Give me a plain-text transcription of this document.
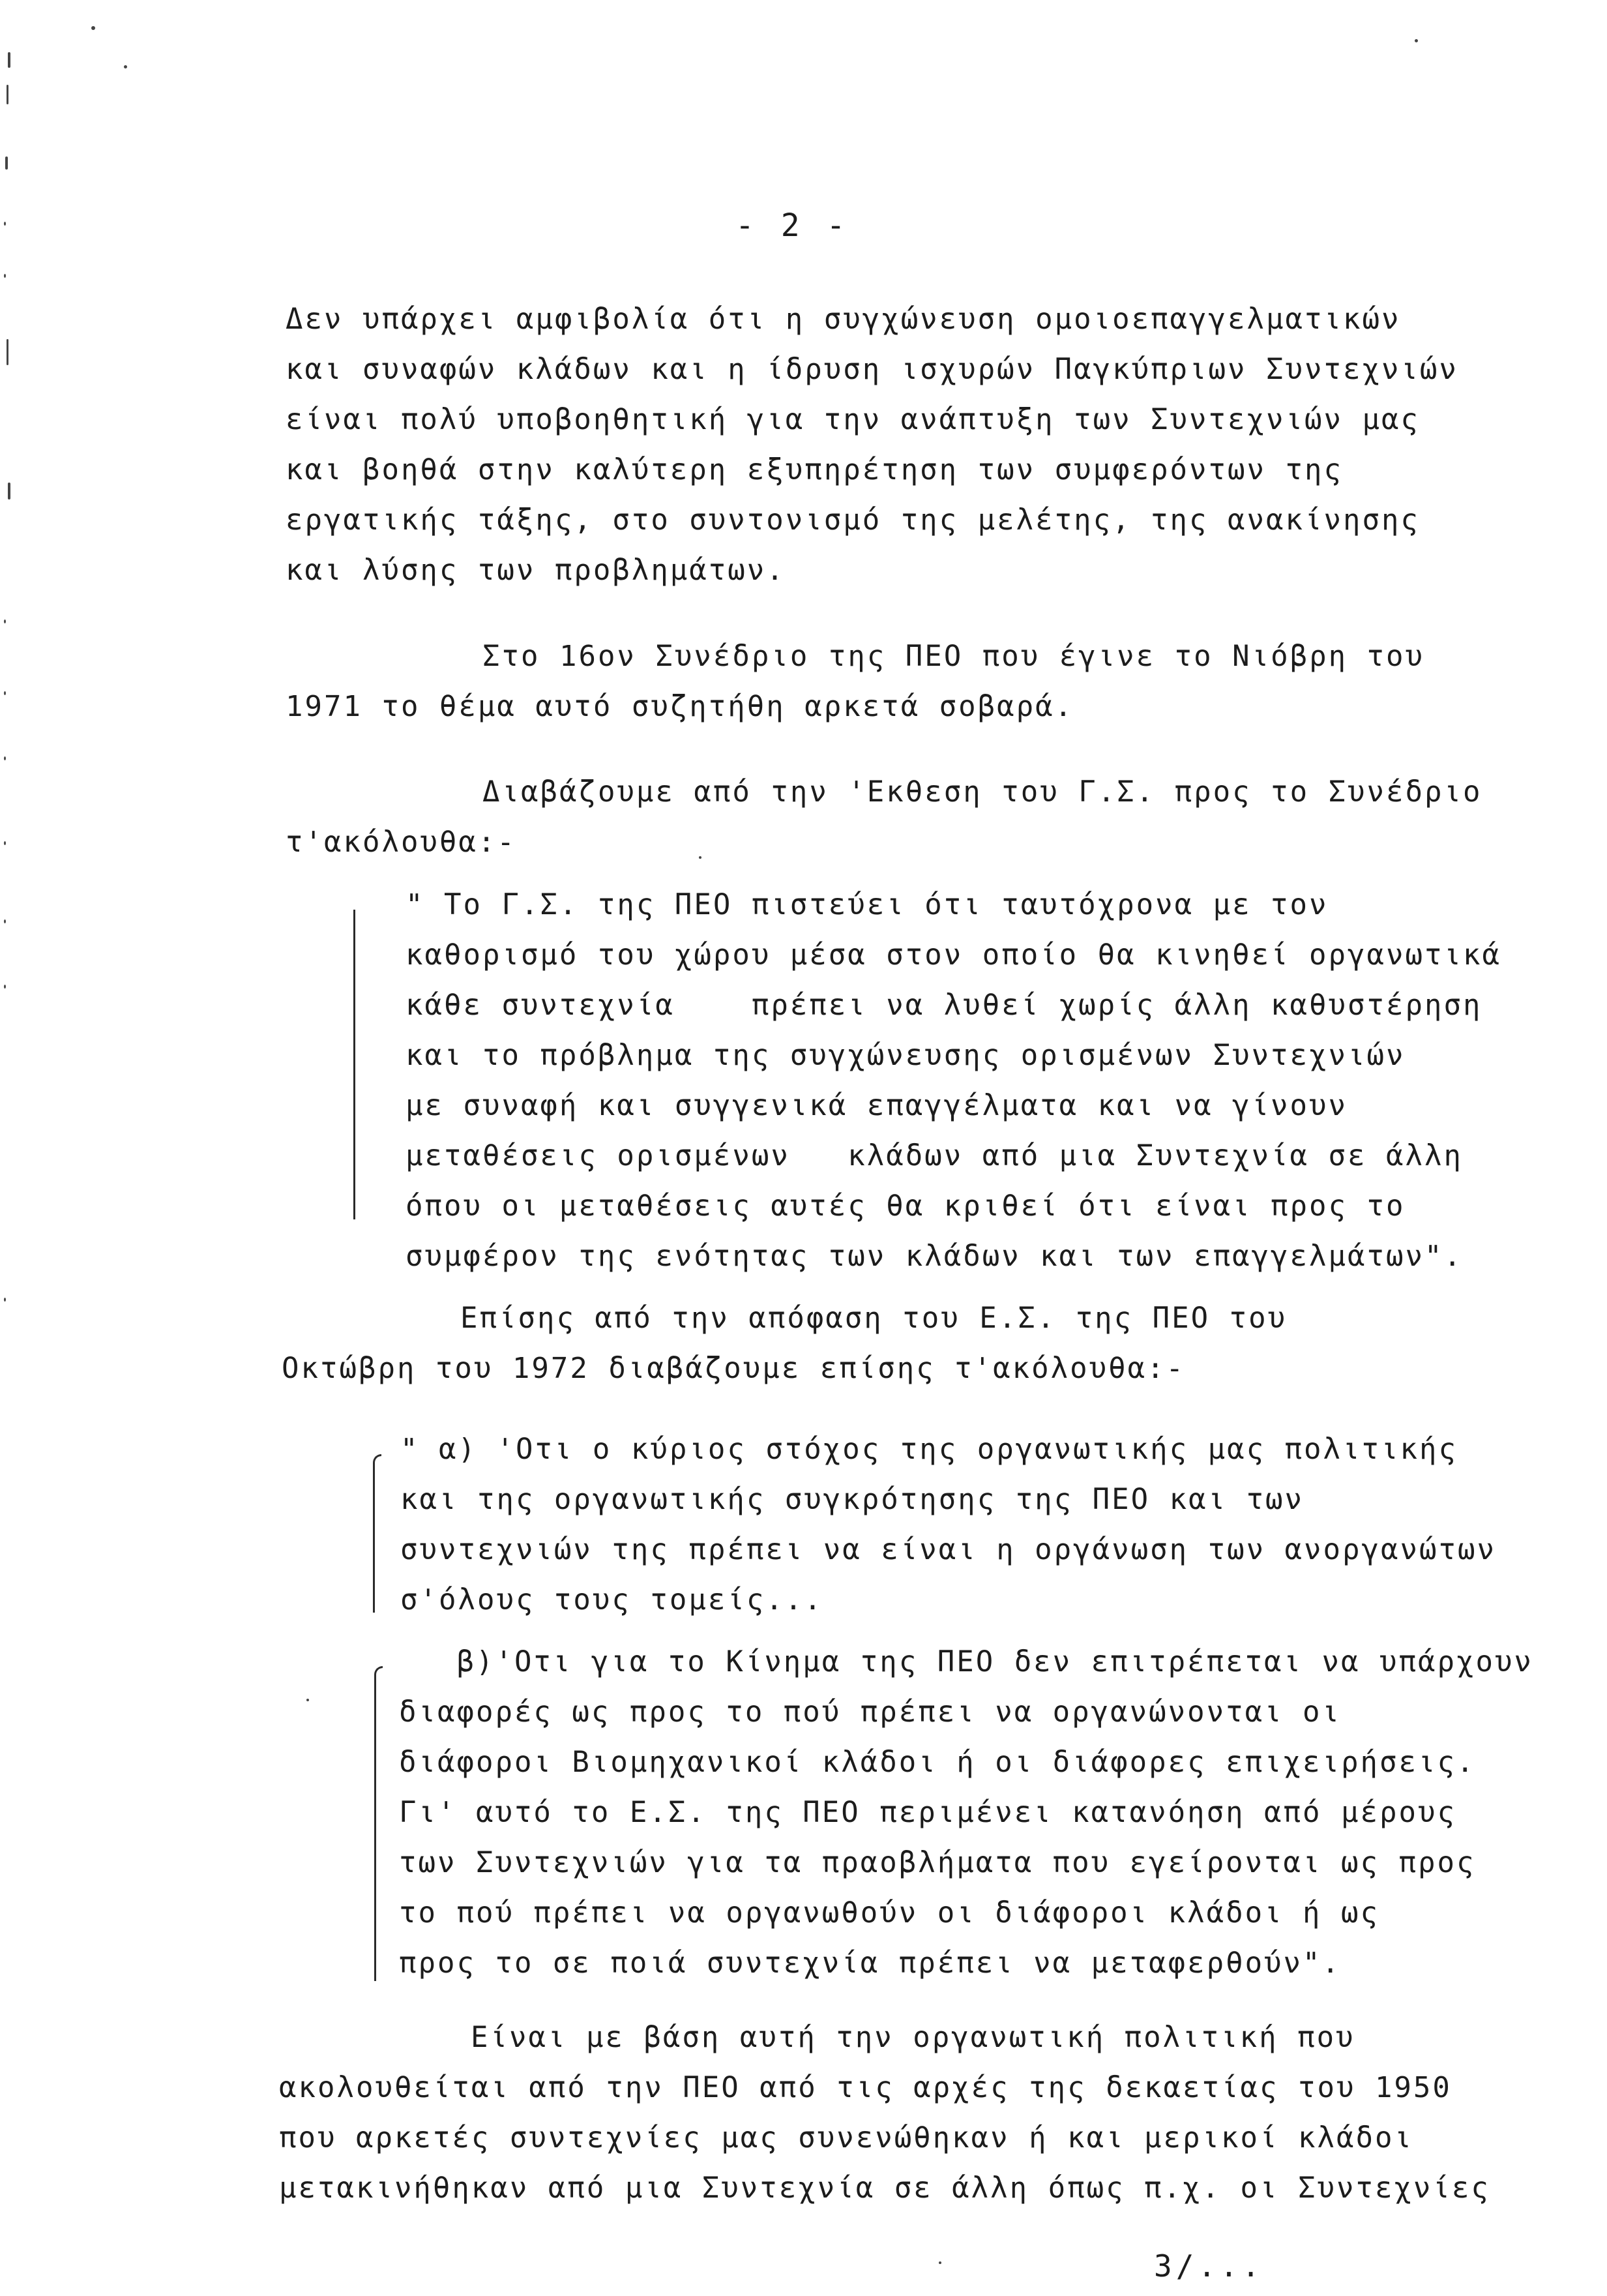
- 2 -
Δεν υπάρχει αμφιβολία ότι η συγχώνευση ομοιοεπαγγελματικών
και συναφών κλάδων και η ίδρυση ισχυρών Παγκύπριων Συντεχνιών
είναι πολύ υποβοηθητική για την ανάπτυξη των Συντεχνιών μας
και βοηθά στην καλύτερη εξυπηρέτηση των συμφερόντων της
εργατικής τάξης, στο συντονισμό της μελέτης, της ανακίνησης
και λύσης των προβλημάτων.
Στο 16ον Συνέδριο της ΠΕΟ που έγινε το Νιόβρη του
1971 το θέμα αυτό συζητήθη αρκετά σοβαρά.
Διαβάζουμε από την 'Εκθεση του Γ.Σ. προς το Συνέδριο
τ'ακόλουθα:-
" Το Γ.Σ. της ΠΕΟ πιστεύει ότι ταυτόχρονα με τον
καθορισμό του χώρου μέσα στον οποίο θα κινηθεί οργανωτικά
κάθε συντεχνία    πρέπει να λυθεί χωρίς άλλη καθυστέρηση
και το πρόβλημα της συγχώνευσης ορισμένων Συντεχνιών
με συναφή και συγγενικά επαγγέλματα και να γίνουν
μεταθέσεις ορισμένων   κλάδων από μια Συντεχνία σε άλλη
όπου οι μεταθέσεις αυτές θα κριθεί ότι είναι προς το
συμφέρον της ενότητας των κλάδων και των επαγγελμάτων".
Επίσης από την απόφαση του Ε.Σ. της ΠΕΟ του
Οκτώβρη του 1972 διαβάζουμε επίσης τ'ακόλουθα:-
" α) 'Οτι ο κύριος στόχος της οργανωτικής μας πολιτικής
και της οργανωτικής συγκρότησης της ΠΕΟ και των
συντεχνιών της πρέπει να είναι η οργάνωση των ανοργανώτων
σ'όλους τους τομείς...
β)'Οτι για το Κίνημα της ΠΕΟ δεν επιτρέπεται να υπάρχουν
διαφορές ως προς το πού πρέπει να οργανώνονται οι
διάφοροι Βιομηχανικοί κλάδοι ή οι διάφορες επιχειρήσεις.
Γι' αυτό το Ε.Σ. της ΠΕΟ περιμένει κατανόηση από μέρους
των Συντεχνιών για τα πραοβλήματα που εγείρονται ως προς
το πού πρέπει να οργανωθούν οι διάφοροι κλάδοι ή ως
προς το σε ποιά συντεχνία πρέπει να μεταφερθούν".
Είναι με βάση αυτή την οργανωτική πολιτική που
ακολουθείται από την ΠΕΟ από τις αρχές της δεκαετίας του 1950
που αρκετές συντεχνίες μας συνενώθηκαν ή και μερικοί κλάδοι
μετακινήθηκαν από μια Συντεχνία σε άλλη όπως π.χ. οι Συντεχνίες
3/...
